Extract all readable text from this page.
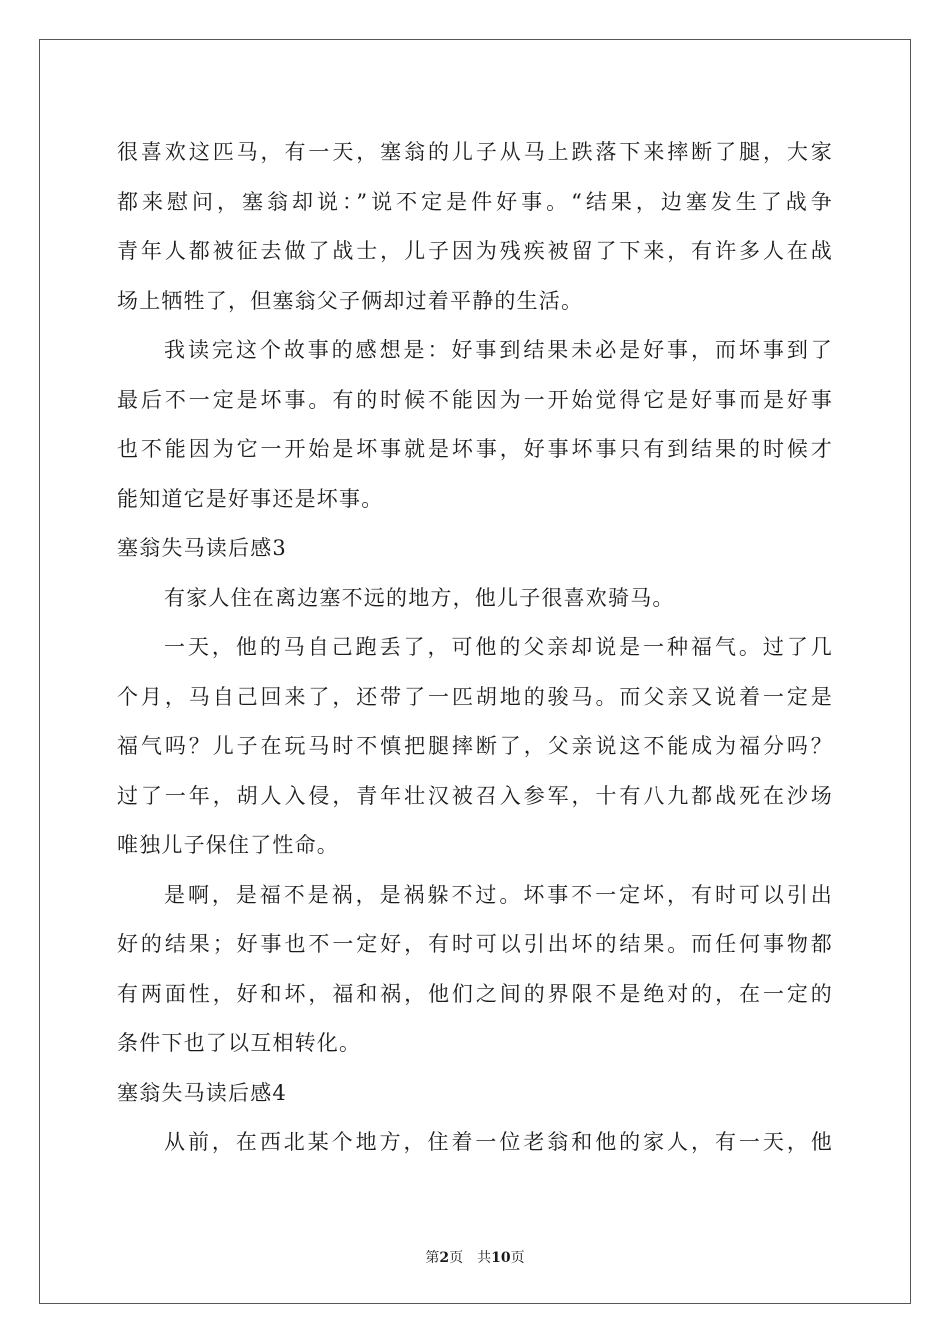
很喜欢这匹马，有一天，塞翁的儿子从马上跌落下来摔断了腿，大家
都来慰问，塞翁却说：”说不定是件好事。“结果，边塞发生了战争
青年人都被征去做了战士，儿子因为残疾被留了下来，有许多人在战
场上牺牲了，但塞翁父子俩却过着平静的生活。
我读完这个故事的感想是：好事到结果未必是好事，而坏事到了
最后不一定是坏事。有的时候不能因为一开始觉得它是好事而是好事
也不能因为它一开始是坏事就是坏事，好事坏事只有到结果的时候才
能知道它是好事还是坏事。
塞翁失马读后感3
有家人住在离边塞不远的地方，他儿子很喜欢骑马。
一天，他的马自己跑丢了，可他的父亲却说是一种福气。过了几
个月，马自己回来了，还带了一匹胡地的骏马。而父亲又说着一定是
福气吗？儿子在玩马时不慎把腿摔断了，父亲说这不能成为福分吗？
过了一年，胡人入侵，青年壮汉被召入参军，十有八九都战死在沙场
唯独儿子保住了性命。
是啊，是福不是祸，是祸躲不过。坏事不一定坏，有时可以引出
好的结果；好事也不一定好，有时可以引出坏的结果。而任何事物都
有两面性，好和坏，福和祸，他们之间的界限不是绝对的，在一定的
条件下也了以互相转化。
塞翁失马读后感4
从前，在西北某个地方，住着一位老翁和他的家人，有一天，他
第2页 共10页
